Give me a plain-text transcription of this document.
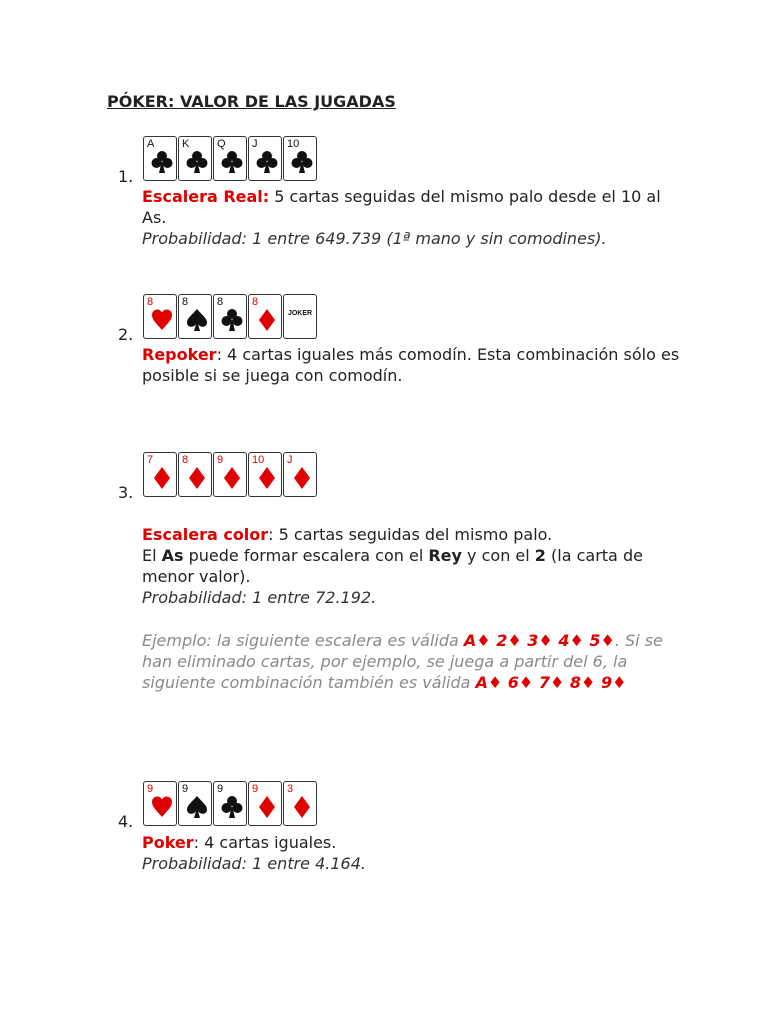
PÓKER: VALOR DE LAS JUGADAS
A	K	Q J	10
1.
Escalera Real: 5 cartas seguidas del mismo palo desde el 10 al As.
Probabilidad: 1 entre 649.739 (1ª mano y sin comodines).
8	8	8	8
JOKER
2.
Repoker: 4 cartas iguales más comodín. Esta combinación sólo es posible si se juega con comodín.
7	8	9	10 J
3.
Escalera color: 5 cartas seguidas del mismo palo.
El As puede formar escalera con el Rey y con el 2 (la carta de menor valor).
Probabilidad: 1 entre 72.192.
Ejemplo: la siguiente escalera es válida A♦ 2♦ 3♦ 4♦ 5♦. Si se han eliminado cartas, por ejemplo, se juega a partir del 6, la siguiente combinación también es válida A♦ 6♦ 7♦ 8♦ 9♦
9	9	9	9	3
4.
Poker: 4 cartas iguales.
Probabilidad: 1 entre 4.164.
